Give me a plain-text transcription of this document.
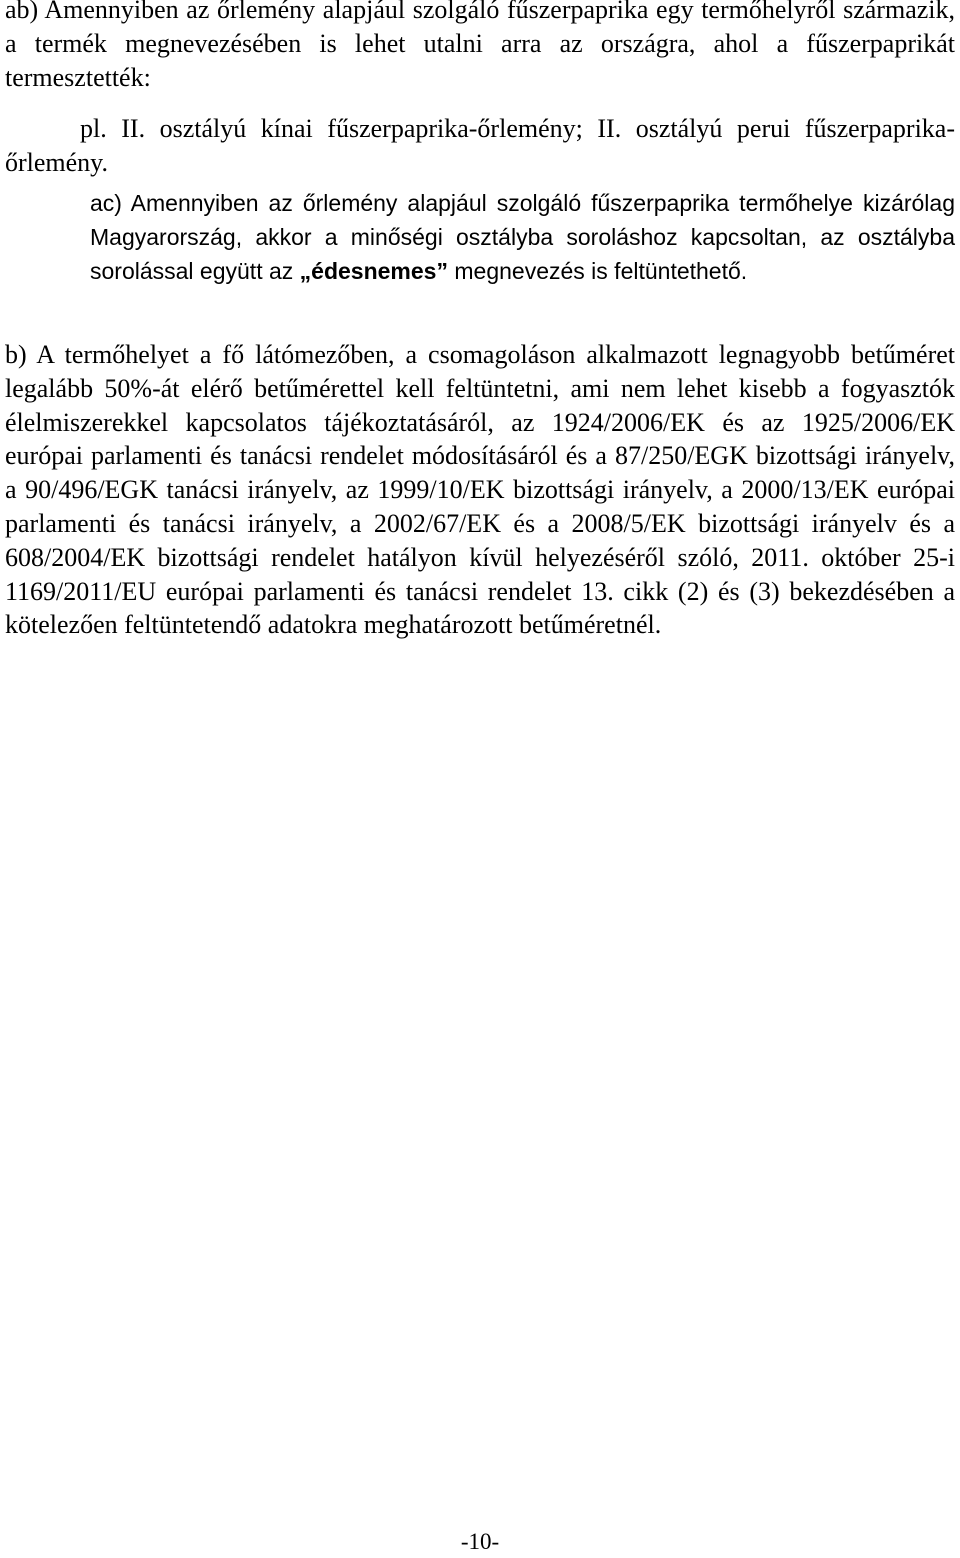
ab) Amennyiben az őrlemény alapjául szolgáló fűszerpaprika egy termőhelyről származik, a termék megnevezésében is lehet utalni arra az országra, ahol a fűszerpaprikát termesztették:

pl. II. osztályú kínai fűszerpaprika-őrlemény; II. osztályú perui fűszerpaprika-őrlemény.

ac) Amennyiben az őrlemény alapjául szolgáló fűszerpaprika termőhelye kizárólag Magyarország, akkor a minőségi osztályba soroláshoz kapcsoltan, az osztályba sorolással együtt az „édesnemes” megnevezés is feltüntethető.

b) A termőhelyet a fő látómezőben, a csomagoláson alkalmazott legnagyobb betűméret legalább 50%-át elérő betűmérettel kell feltüntetni, ami nem lehet kisebb a fogyasztók élelmiszerekkel kapcsolatos tájékoztatásáról, az 1924/2006/EK és az 1925/2006/EK európai parlamenti és tanácsi rendelet módosításáról és a 87/250/EGK bizottsági irányelv, a 90/496/EGK tanácsi irányelv, az 1999/10/EK bizottsági irányelv, a 2000/13/EK európai parlamenti és tanácsi irányelv, a 2002/67/EK és a 2008/5/EK bizottsági irányelv és a 608/2004/EK bizottsági rendelet hatályon kívül helyezéséről szóló, 2011. október 25-i 1169/2011/EU európai parlamenti és tanácsi rendelet 13. cikk (2) és (3) bekezdésében a kötelezően feltüntetendő adatokra meghatározott betűméretnél.

-10-
